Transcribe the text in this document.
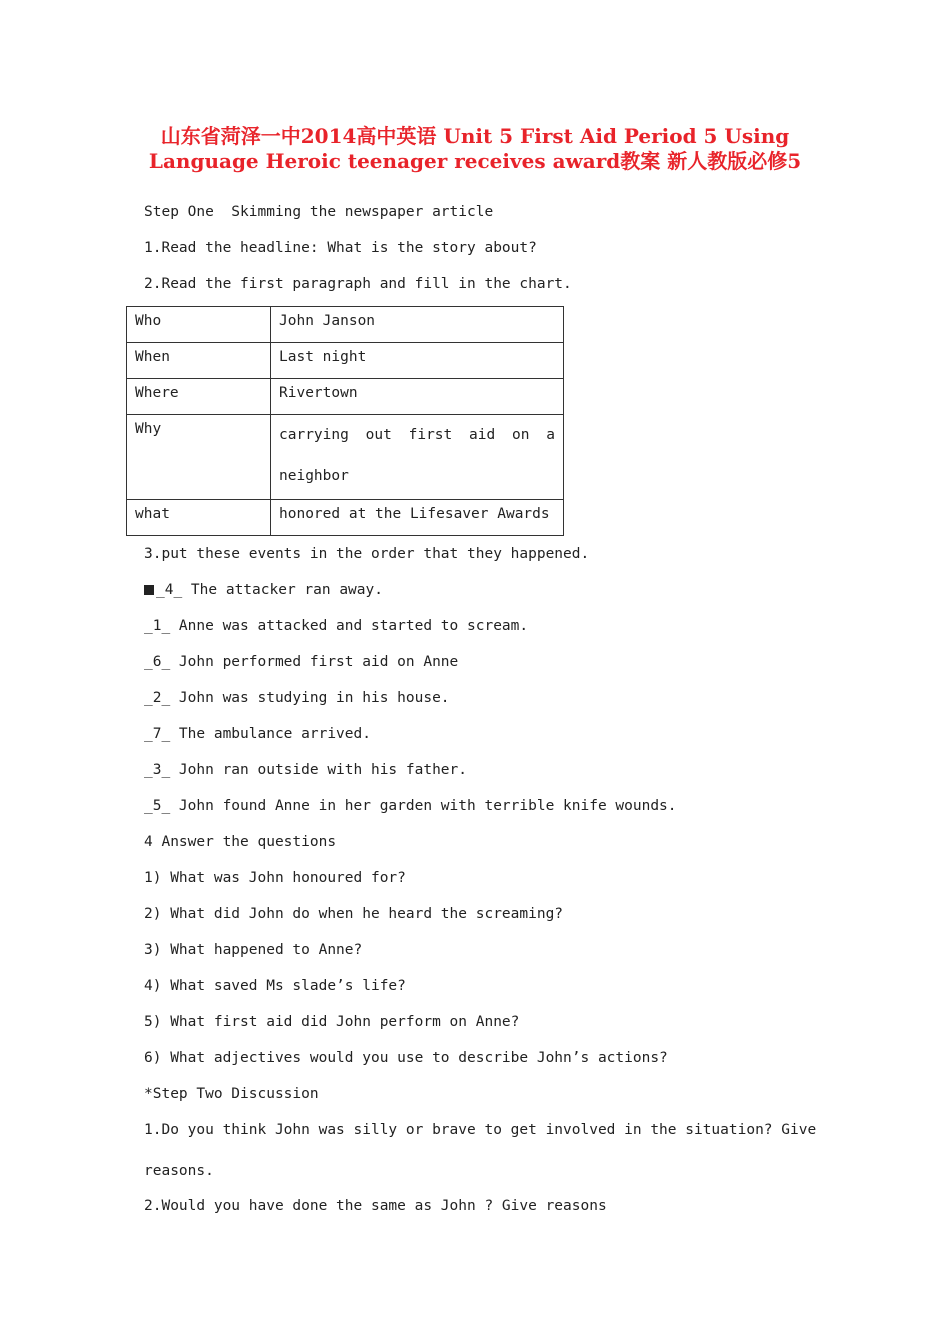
山东省菏泽一中2014高中英语 Unit 5 First Aid Period 5 Using
Language Heroic teenager receives award教案 新人教版必修5
Step One  Skimming the newspaper article
1.Read the headline: What is the story about?
2.Read the first paragraph and fill in the chart.
Who	John Janson
When	Last night
Where	Rivertown
Why	carrying out first aid on a neighbor
what	honored at the Lifesaver Awards
3.put these events in the order that they happened.
_4_ The attacker ran away.
_1_ Anne was attacked and started to scream.
_6_ John performed first aid on Anne
_2_ John was studying in his house.
_7_ The ambulance arrived.
_3_ John ran outside with his father.
_5_ John found Anne in her garden with terrible knife wounds.
4 Answer the questions
1) What was John honoured for?
2) What did John do when he heard the screaming?
3) What happened to Anne?
4) What saved Ms slade’s life?
5) What first aid did John perform on Anne?
6) What adjectives would you use to describe John’s actions?
*Step Two Discussion
1.Do you think John was silly or brave to get involved in the situation? Give
reasons.
2.Would you have done the same as John ? Give reasons
